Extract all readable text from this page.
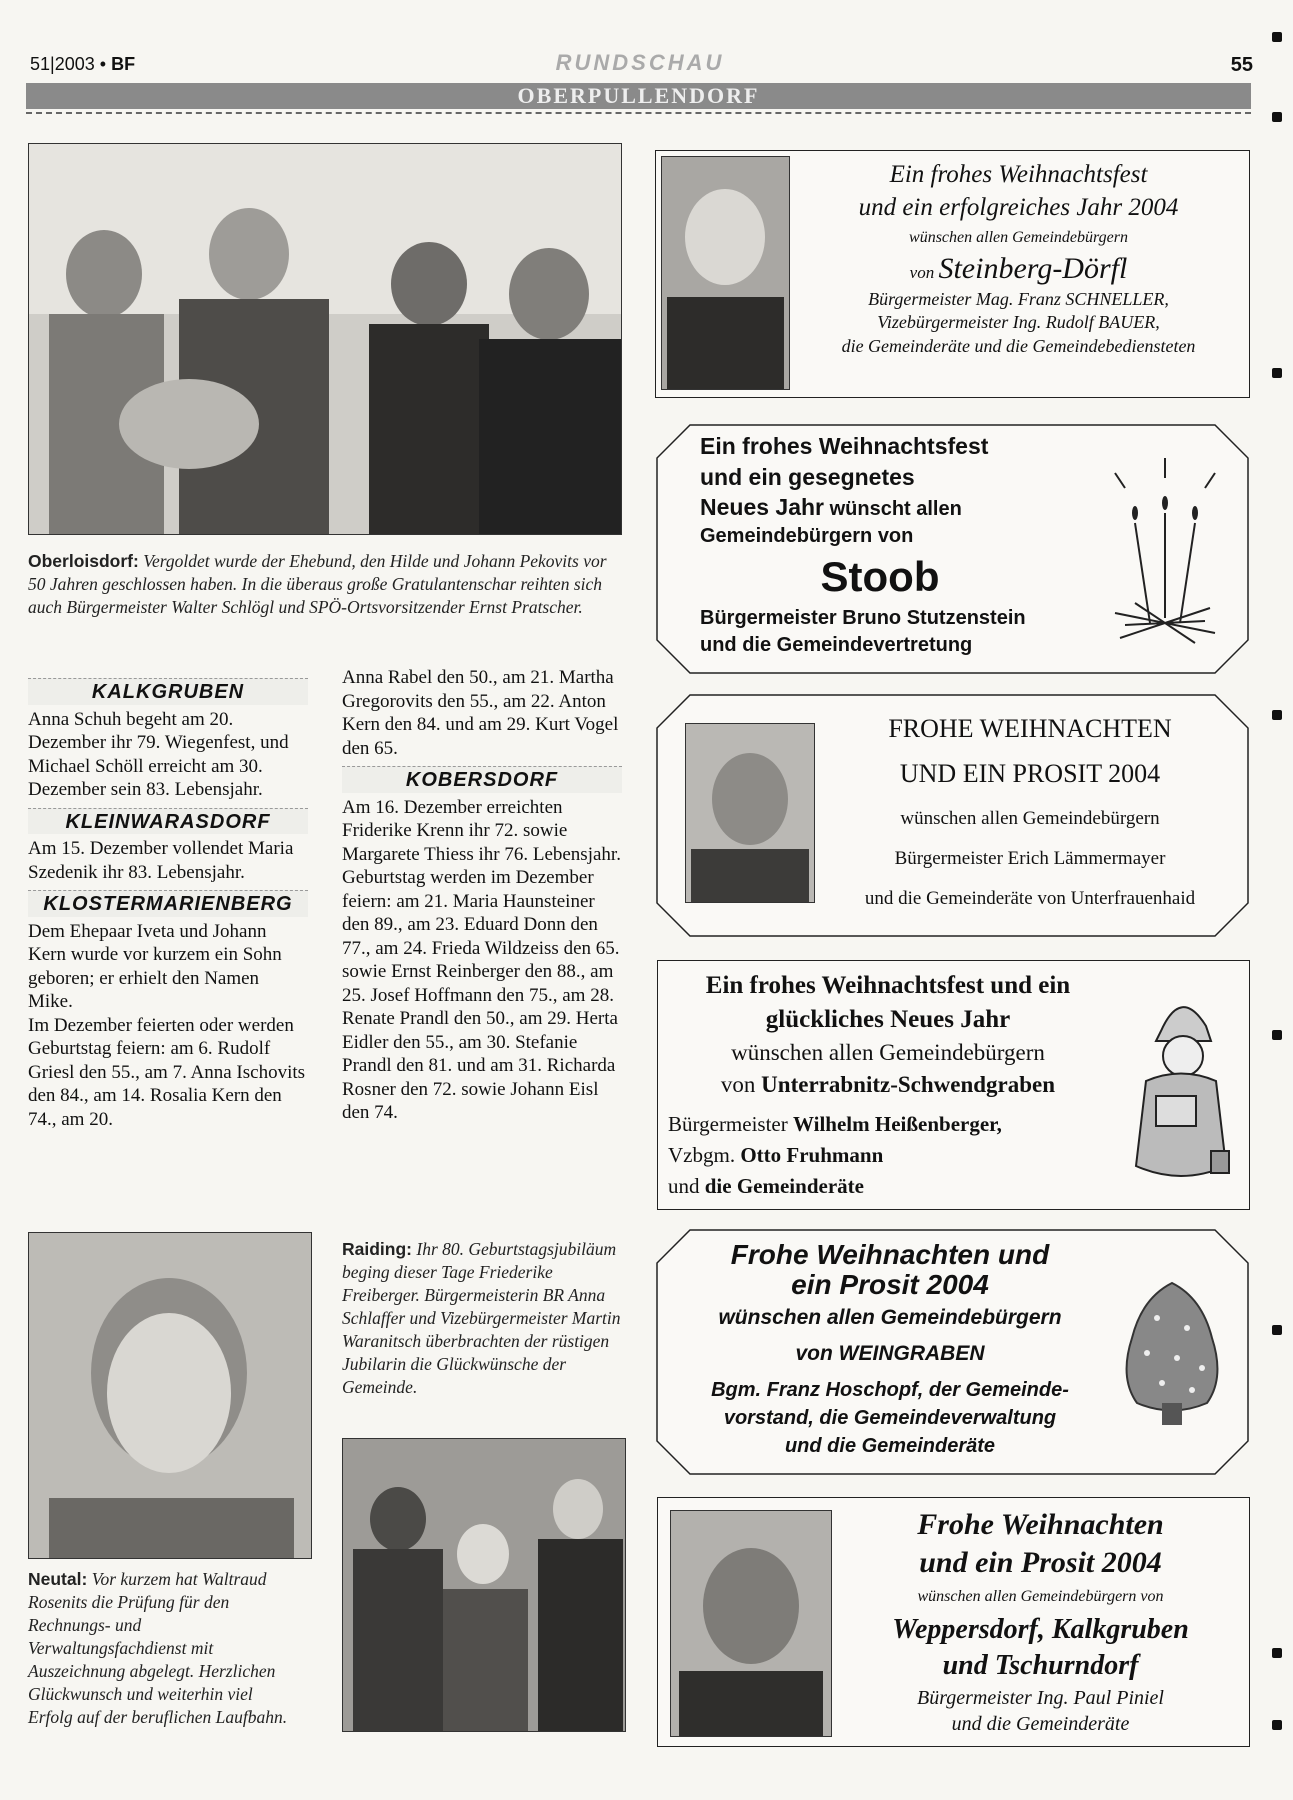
51|2003 • BF	RUNDSCHAU	55
OBERPULLENDORF
Oberloisdorf: Vergoldet wurde der Ehebund, den Hilde und Johann Pekovits vor 50 Jahren geschlossen haben. In die überaus große Gratulantenschar reihten sich auch Bürgermeister Walter Schlögl und SPÖ-Ortsvorsitzender Ernst Pratscher.
KALKGRUBEN

Anna Schuh begeht am 20. Dezember ihr 79. Wiegenfest, und Michael Schöll erreicht am 30. Dezember sein 83. Lebensjahr.

KLEINWARASDORF

Am 15. Dezember vollendet Maria Szedenik ihr 83. Lebensjahr.

KLOSTERMARIENBERG

Dem Ehepaar Iveta und Johann Kern wurde vor kurzem ein Sohn geboren; er erhielt den Namen Mike.

Im Dezember feierten oder werden Geburtstag feiern: am 6. Rudolf Griesl den 55., am 7. Anna Ischovits den 84., am 14. Rosalia Kern den 74., am 20.

Anna Rabel den 50., am 21. Martha Gregorovits den 55., am 22. Anton Kern den 84. und am 29. Kurt Vogel den 65.

KOBERSDORF

Am 16. Dezember erreichten Friderike Krenn ihr 72. sowie Margarete Thiess ihr 76. Lebensjahr.

Geburtstag werden im Dezember feiern: am 21. Maria Haunsteiner den 89., am 23. Eduard Donn den 77., am 24. Frieda Wildzeiss den 65. sowie Ernst Reinberger den 88., am 25. Josef Hoffmann den 75., am 28. Renate Prandl den 50., am 29. Herta Eidler den 55., am 30. Stefanie Prandl den 81. und am 31. Richarda Rosner den 72. sowie Johann Eisl den 74.

Raiding: Ihr 80. Geburtstagsjubiläum beging dieser Tage Friederike Freiberger. Bürgermeisterin BR Anna Schlaffer und Vizebürgermeister Martin Waranitsch überbrachten der rüstigen Jubilarin die Glückwünsche der Gemeinde.
Neutal: Vor kurzem hat Waltraud Rosenits die Prüfung für den Rechnungs- und Verwaltungsfachdienst mit Auszeichnung abgelegt. Herzlichen Glückwunsch und weiterhin viel Erfolg auf der beruflichen Laufbahn.
Ein frohes Weihnachtsfest
und ein erfolgreiches Jahr 2004
wünschen allen Gemeindebürgern
von Steinberg-Dörfl
Bürgermeister Mag. Franz SCHNELLER,
Vizebürgermeister Ing. Rudolf BAUER,
die Gemeinderäte und die Gemeindebediensteten
Ein frohes Weihnachtsfest
und ein gesegnetes
Neues Jahr wünscht allen
Gemeindebürgern von
Stoob
Bürgermeister Bruno Stutzenstein
und die Gemeindevertretung
FROHE WEIHNACHTEN
UND EIN PROSIT 2004
wünschen allen Gemeindebürgern
Bürgermeister Erich Lämmermayer
und die Gemeinderäte von Unterfrauenhaid
Ein frohes Weihnachtsfest und ein
glückliches Neues Jahr
wünschen allen Gemeindebürgern
von Unterrabnitz-Schwendgraben
Bürgermeister Wilhelm Heißenberger,
Vzbgm. Otto Fruhmann
und die Gemeinderäte
Frohe Weihnachten und
ein Prosit 2004
wünschen allen Gemeindebürgern
von WEINGRABEN
Bgm. Franz Hoschopf, der Gemeinde-
vorstand, die Gemeindeverwaltung
und die Gemeinderäte
Frohe Weihnachten
und ein Prosit 2004
wünschen allen Gemeindebürgern von
Weppersdorf, Kalkgruben
und Tschurndorf
Bürgermeister Ing. Paul Piniel
und die Gemeinderäte
